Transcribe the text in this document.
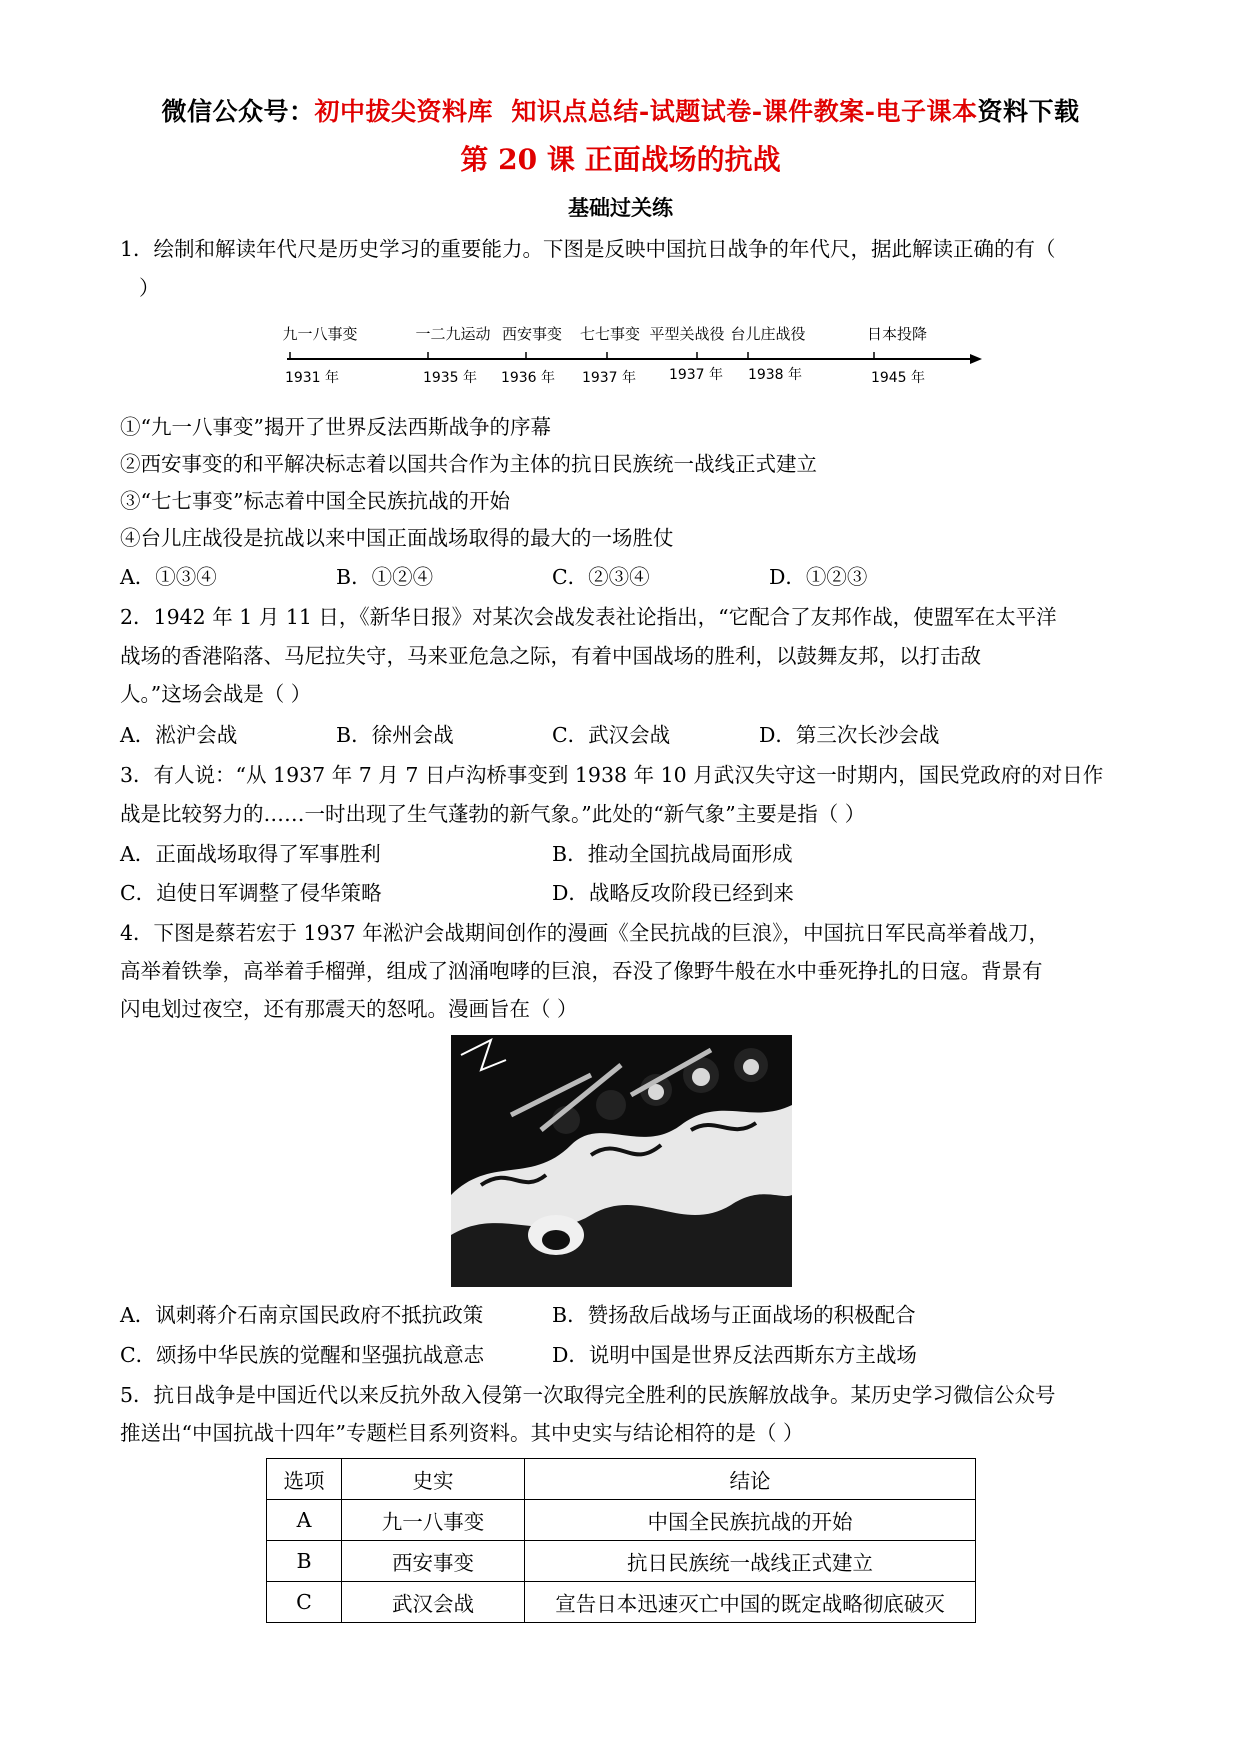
微信公众号：初中拔尖资料库 知识点总结-试题试卷-课件教案-电子课本资料下载
第 20 课 正面战场的抗战
基础过关练
1．绘制和解读年代尺是历史学习的重要能力。下图是反映中国抗日战争的年代尺，据此解读正确的有（
）
九一八事变	一二九运动 西安事变 七七事变 平型关战役 台儿庄战役	日本投降
1931 年	1935 年 1936 年 1937 年 1937 年 1938 年	1945 年
①“九一八事变”揭开了世界反法西斯战争的序幕
②西安事变的和平解决标志着以国共合作为主体的抗日民族统一战线正式建立
③“七七事变”标志着中国全民族抗战的开始
④台儿庄战役是抗战以来中国正面战场取得的最大的一场胜仗
A．①③④	B．①②④	C．②③④	D．①②③
2．1942 年 1 月 11 日，《新华日报》对某次会战发表社论指出，“它配合了友邦作战，使盟军在太平洋
战场的香港陷落、马尼拉失守，马来亚危急之际，有着中国战场的胜利，以鼓舞友邦，以打击敌
人。”这场会战是（ ）
A．淞沪会战	B．徐州会战	C．武汉会战	D．第三次长沙会战
3．有人说：“从 1937 年 7 月 7 日卢沟桥事变到 1938 年 10 月武汉失守这一时期内，国民党政府的对日作
战是比较努力的……一时出现了生气蓬勃的新气象。”此处的“新气象”主要是指（ ）
A．正面战场取得了军事胜利	B．推动全国抗战局面形成
C．迫使日军调整了侵华策略	D．战略反攻阶段已经到来
4．下图是蔡若宏于 1937 年淞沪会战期间创作的漫画《全民抗战的巨浪》，中国抗日军民高举着战刀，
高举着铁拳，高举着手榴弹，组成了汹涌咆哮的巨浪，吞没了像野牛般在水中垂死挣扎的日寇。背景有
闪电划过夜空，还有那震天的怒吼。漫画旨在（ ）
A．讽刺蒋介石南京国民政府不抵抗政策	B．赞扬敌后战场与正面战场的积极配合
C．颂扬中华民族的觉醒和坚强抗战意志	D．说明中国是世界反法西斯东方主战场
5．抗日战争是中国近代以来反抗外敌入侵第一次取得完全胜利的民族解放战争。某历史学习微信公众号
推送出“中国抗战十四年”专题栏目系列资料。其中史实与结论相符的是（ ）
选项	史实	结论
A	九一八事变	中国全民族抗战的开始
B	西安事变	抗日民族统一战线正式建立
C	武汉会战	宣告日本迅速灭亡中国的既定战略彻底破灭
